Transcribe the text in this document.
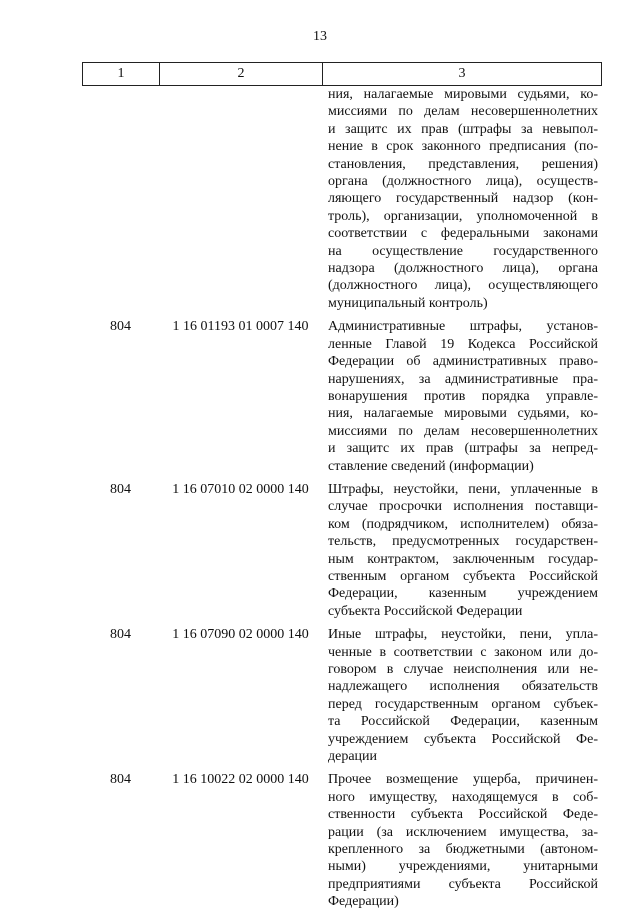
13
1	2	3
ния, налагаемые мировыми судьями, ко-
миссиями по делам несовершеннолетних
и защитс их прав (штрафы за невыпол-
нение в срок законного предписания (по-
становления, представления, решения)
органа (должностного лица), осуществ-
ляющего государственный надзор (кон-
троль), организации, уполномоченной в
соответствии с федеральными законами
на осуществление государственного
надзора (должностного лица), органа
(должностного лица), осуществляющего
муниципальный контроль)
804	1 16 01193 01 0007 140	Административные штрафы, установ-
ленные Главой 19 Кодекса Российской
Федерации об административных право-
нарушениях, за административные пра-
вонарушения против порядка управле-
ния, налагаемые мировыми судьями, ко-
миссиями по делам несовершеннолетних
и защитс их прав (штрафы за непред-
ставление сведений (информации)
804	1 16 07010 02 0000 140	Штрафы, неустойки, пени, уплаченные в
случае просрочки исполнения поставщи-
ком (подрядчиком, исполнителем) обяза-
тельств, предусмотренных государствен-
ным контрактом, заключенным государ-
ственным органом субъекта Российской
Федерации, казенным учреждением
субъекта Российской Федерации
804	1 16 07090 02 0000 140	Иные штрафы, неустойки, пени, упла-
ченные в соответствии с законом или до-
говором в случае неисполнения или не-
надлежащего исполнения обязательств
перед государственным органом субъек-
та Российской Федерации, казенным
учреждением субъекта Российской Фе-
дерации
804	1 16 10022 02 0000 140	Прочее возмещение ущерба, причинен-
ного имуществу, находящемуся в соб-
ственности субъекта Российской Феде-
рации (за исключением имущества, за-
крепленного за бюджетными (автоном-
ными) учреждениями, унитарными
предприятиями субъекта Российской
Федерации)
